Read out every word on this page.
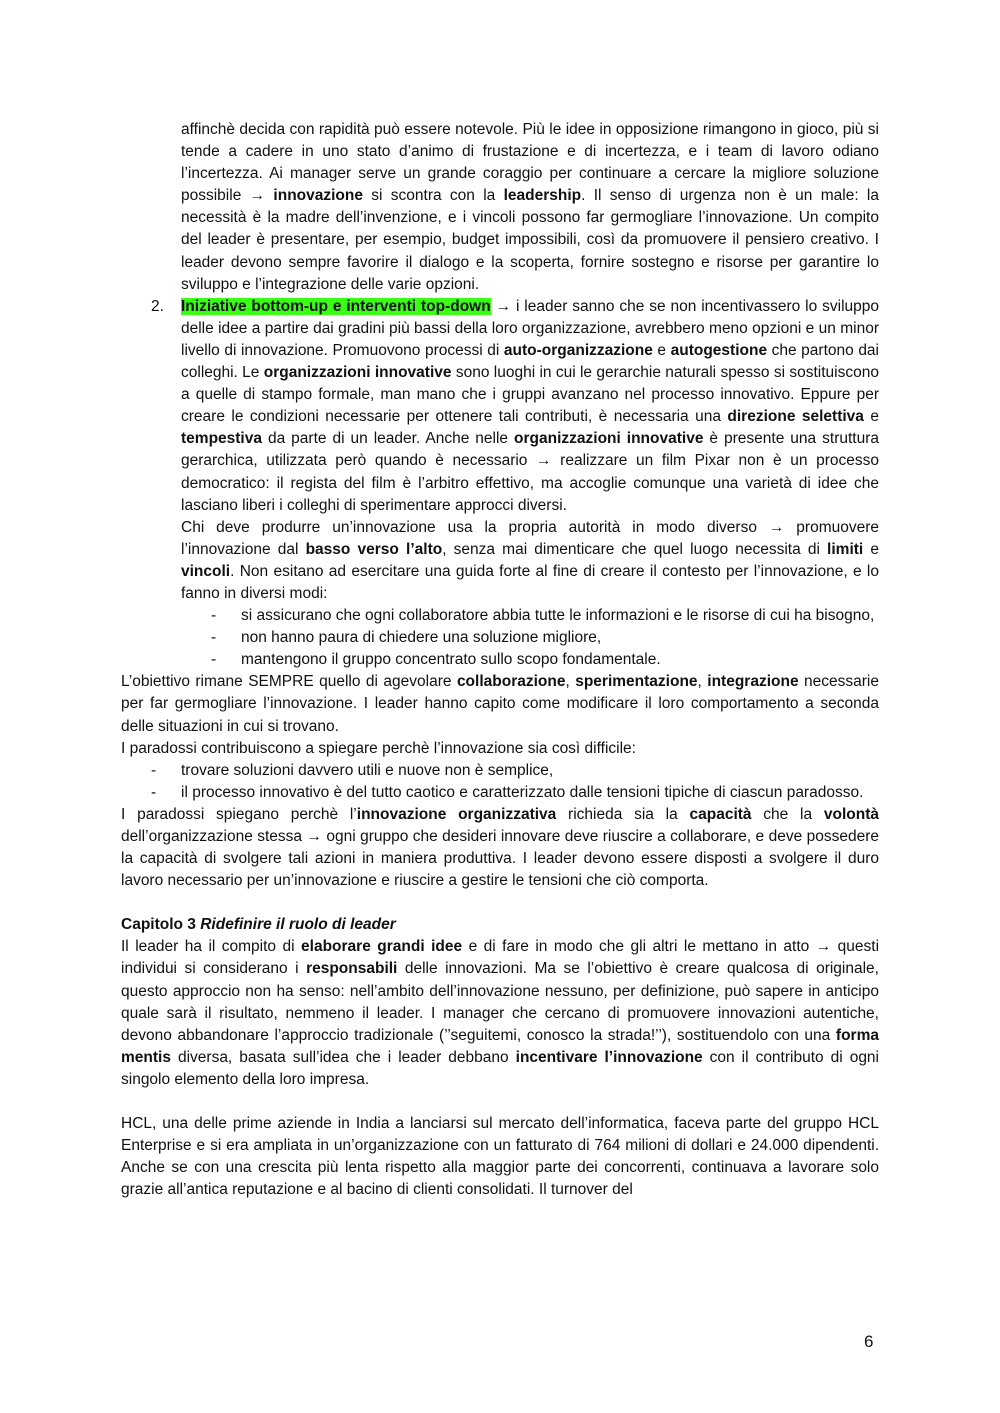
affinchè decida con rapidità può essere notevole. Più le idee in opposizione rimangono in gioco, più si tende a cadere in uno stato d’animo di frustazione e di incertezza, e i team di lavoro odiano l’incertezza. Ai manager serve un grande coraggio per continuare a cercare la migliore soluzione possibile → innovazione si scontra con la leadership. Il senso di urgenza non è un male: la necessità è la madre dell’invenzione, e i vincoli possono far germogliare l’innovazione. Un compito del leader è presentare, per esempio, budget impossibili, così da promuovere il pensiero creativo. I leader devono sempre favorire il dialogo e la scoperta, fornire sostegno e risorse per garantire lo sviluppo e l’integrazione delle varie opzioni.

2. Iniziative bottom-up e interventi top-down → i leader sanno che se non incentivassero lo sviluppo delle idee a partire dai gradini più bassi della loro organizzazione, avrebbero meno opzioni e un minor livello di innovazione. Promuovono processi di auto-organizzazione e autogestione che partono dai colleghi. Le organizzazioni innovative sono luoghi in cui le gerarchie naturali spesso si sostituiscono a quelle di stampo formale, man mano che i gruppi avanzano nel processo innovativo. Eppure per creare le condizioni necessarie per ottenere tali contributi, è necessaria una direzione selettiva e tempestiva da parte di un leader. Anche nelle organizzazioni innovative è presente una struttura gerarchica, utilizzata però quando è necessario → realizzare un film Pixar non è un processo democratico: il regista del film è l’arbitro effettivo, ma accoglie comunque una varietà di idee che lasciano liberi i colleghi di sperimentare approcci diversi.

Chi deve produrre un’innovazione usa la propria autorità in modo diverso → promuovere l’innovazione dal basso verso l’alto, senza mai dimenticare che quel luogo necessita di limiti e vincoli. Non esitano ad esercitare una guida forte al fine di creare il contesto per l’innovazione, e lo fanno in diversi modi:

- si assicurano che ogni collaboratore abbia tutte le informazioni e le risorse di cui ha bisogno,
- non hanno paura di chiedere una soluzione migliore,
- mantengono il gruppo concentrato sullo scopo fondamentale.

L’obiettivo rimane SEMPRE quello di agevolare collaborazione, sperimentazione, integrazione necessarie per far germogliare l’innovazione. I leader hanno capito come modificare il loro comportamento a seconda delle situazioni in cui si trovano.

I paradossi contribuiscono a spiegare perchè l’innovazione sia così difficile:

- trovare soluzioni davvero utili e nuove non è semplice,
- il processo innovativo è del tutto caotico e caratterizzato dalle tensioni tipiche di ciascun paradosso.

I paradossi spiegano perchè l’innovazione organizzativa richieda sia la capacità che la volontà dell’organizzazione stessa → ogni gruppo che desideri innovare deve riuscire a collaborare, e deve possedere la capacità di svolgere tali azioni in maniera produttiva. I leader devono essere disposti a svolgere il duro lavoro necessario per un’innovazione e riuscire a gestire le tensioni che ciò comporta.

Capitolo 3 Ridefinire il ruolo di leader

Il leader ha il compito di elaborare grandi idee e di fare in modo che gli altri le mettano in atto → questi individui si considerano i responsabili delle innovazioni. Ma se l’obiettivo è creare qualcosa di originale, questo approccio non ha senso: nell’ambito dell’innovazione nessuno, per definizione, può sapere in anticipo quale sarà il risultato, nemmeno il leader. I manager che cercano di promuovere innovazioni autentiche, devono abbandonare l’approccio tradizionale (’’seguitemi, conosco la strada!’’), sostituendolo con una forma mentis diversa, basata sull’idea che i leader debbano incentivare l’innovazione con il contributo di ogni singolo elemento della loro impresa.

HCL, una delle prime aziende in India a lanciarsi sul mercato dell’informatica, faceva parte del gruppo HCL Enterprise e si era ampliata in un’organizzazione con un fatturato di 764 milioni di dollari e 24.000 dipendenti. Anche se con una crescita più lenta rispetto alla maggior parte dei concorrenti, continuava a lavorare solo grazie all’antica reputazione e al bacino di clienti consolidati. Il turnover del

6
